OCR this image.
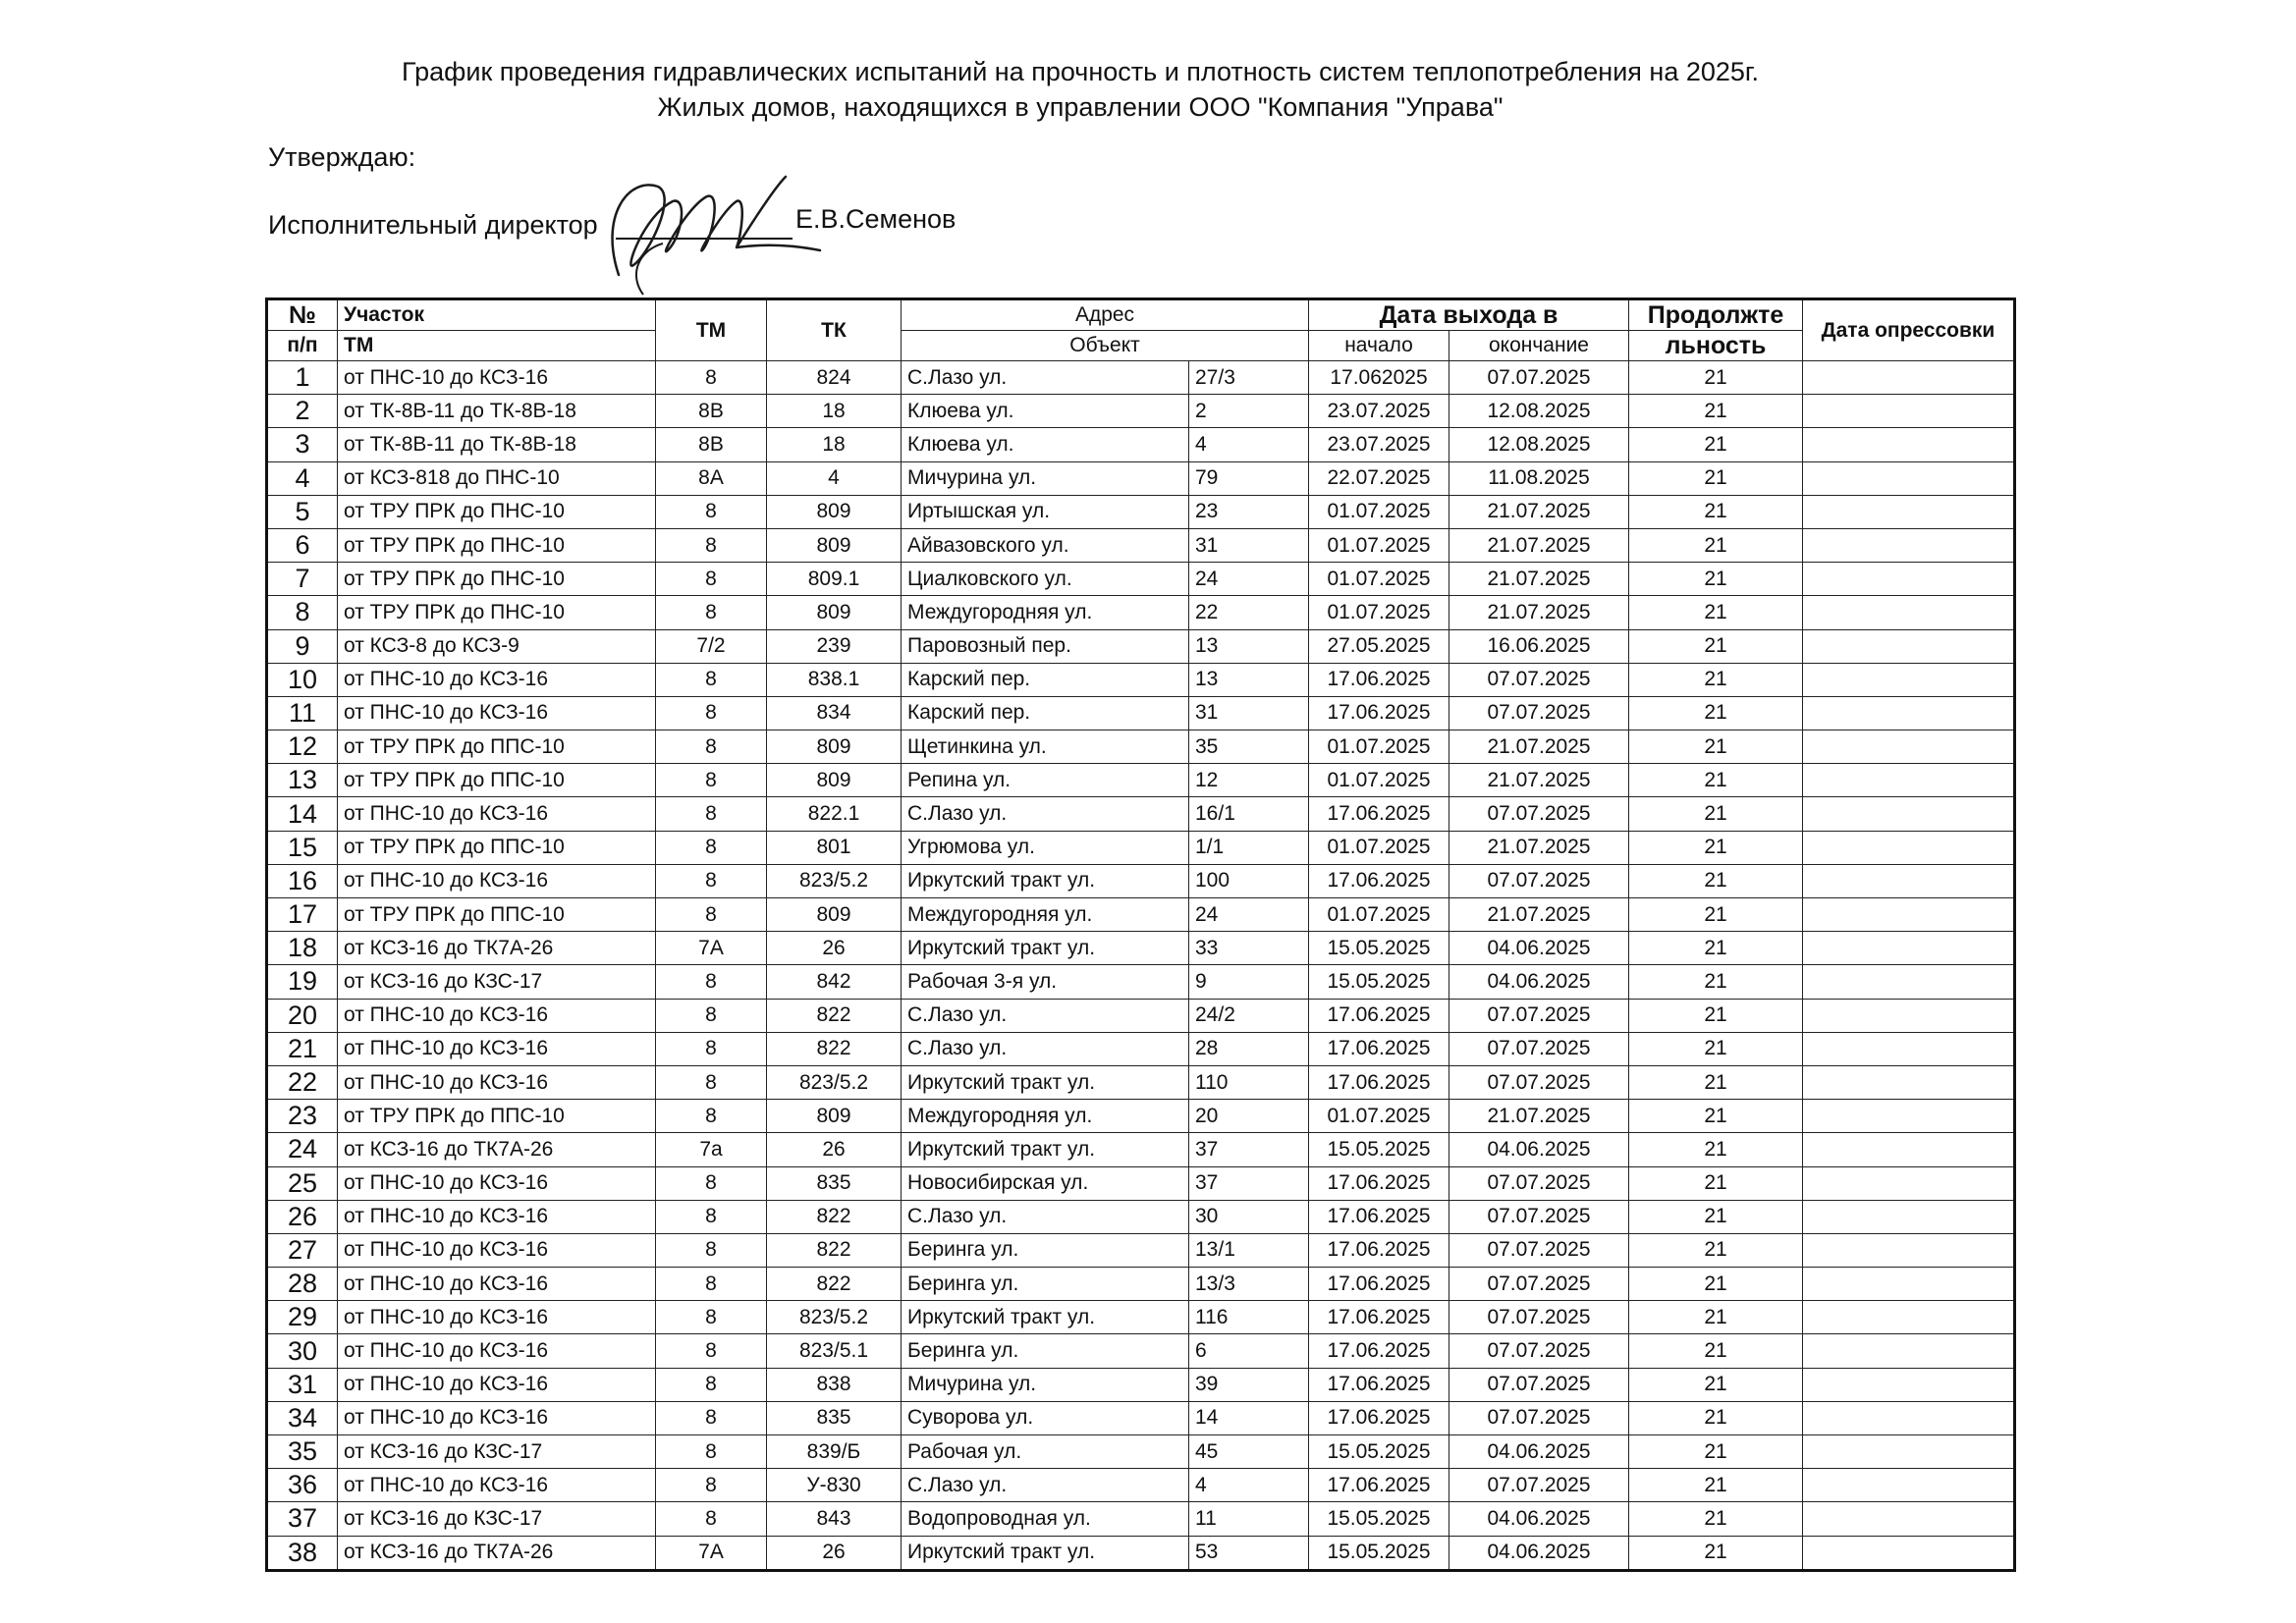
График проведения гидравлических испытаний на прочность и плотность систем теплопотребления на 2025г.
Жилых домов, находящихся в управлении ООО "Компания "Управа"
Утверждаю:
Исполнительный директор	Е.В.Семенов
№	Участок	ТМ	ТК	Адрес		Дата выхода в		Продолжте	Дата опрессовки
п/п	ТМ			Объект		начало	окончание	льность	
1	от ПНС-10 до КСЗ-16	8	824	С.Лазо ул.	27/3	17.062025	07.07.2025	21	
2	от ТК-8В-11 до ТК-8В-18	8В	18	Клюева ул.	2	23.07.2025	12.08.2025	21	
3	от ТК-8В-11 до ТК-8В-18	8В	18	Клюева ул.	4	23.07.2025	12.08.2025	21	
4	от КСЗ-818 до ПНС-10	8А	4	Мичурина ул.	79	22.07.2025	11.08.2025	21	
5	от ТРУ ПРК до ПНС-10	8	809	Иртышская ул.	23	01.07.2025	21.07.2025	21	
6	от ТРУ ПРК до ПНС-10	8	809	Айвазовского ул.	31	01.07.2025	21.07.2025	21	
7	от ТРУ ПРК до ПНС-10	8	809.1	Циалковского ул.	24	01.07.2025	21.07.2025	21	
8	от ТРУ ПРК до ПНС-10	8	809	Междугородняя ул.	22	01.07.2025	21.07.2025	21	
9	от КСЗ-8 до КСЗ-9	7/2	239	Паровозный пер.	13	27.05.2025	16.06.2025	21	
10	от ПНС-10 до КСЗ-16	8	838.1	Карский пер.	13	17.06.2025	07.07.2025	21	
11	от ПНС-10 до КСЗ-16	8	834	Карский пер.	31	17.06.2025	07.07.2025	21	
12	от ТРУ ПРК до ППС-10	8	809	Щетинкина ул.	35	01.07.2025	21.07.2025	21	
13	от ТРУ ПРК до ППС-10	8	809	Репина ул.	12	01.07.2025	21.07.2025	21	
14	от ПНС-10 до КСЗ-16	8	822.1	С.Лазо ул.	16/1	17.06.2025	07.07.2025	21	
15	от ТРУ ПРК до ППС-10	8	801	Угрюмова ул.	1/1	01.07.2025	21.07.2025	21	
16	от ПНС-10 до КСЗ-16	8	823/5.2	Иркутский тракт ул.	100	17.06.2025	07.07.2025	21	
17	от ТРУ ПРК до ППС-10	8	809	Междугородняя ул.	24	01.07.2025	21.07.2025	21	
18	от КСЗ-16 до ТК7А-26	7А	26	Иркутский тракт ул.	33	15.05.2025	04.06.2025	21	
19	от КСЗ-16 до КЗС-17	8	842	Рабочая 3-я ул.	9	15.05.2025	04.06.2025	21	
20	от ПНС-10 до КСЗ-16	8	822	С.Лазо ул.	24/2	17.06.2025	07.07.2025	21	
21	от ПНС-10 до КСЗ-16	8	822	С.Лазо ул.	28	17.06.2025	07.07.2025	21	
22	от ПНС-10 до КСЗ-16	8	823/5.2	Иркутский тракт ул.	110	17.06.2025	07.07.2025	21	
23	от ТРУ ПРК до ППС-10	8	809	Междугородняя ул.	20	01.07.2025	21.07.2025	21	
24	от КСЗ-16 до ТК7А-26	7а	26	Иркутский тракт ул.	37	15.05.2025	04.06.2025	21	
25	от ПНС-10 до КСЗ-16	8	835	Новосибирская ул.	37	17.06.2025	07.07.2025	21	
26	от ПНС-10 до КСЗ-16	8	822	С.Лазо ул.	30	17.06.2025	07.07.2025	21	
27	от ПНС-10 до КСЗ-16	8	822	Беринга ул.	13/1	17.06.2025	07.07.2025	21	
28	от ПНС-10 до КСЗ-16	8	822	Беринга ул.	13/3	17.06.2025	07.07.2025	21	
29	от ПНС-10 до КСЗ-16	8	823/5.2	Иркутский тракт ул.	116	17.06.2025	07.07.2025	21	
30	от ПНС-10 до КСЗ-16	8	823/5.1	Беринга ул.	6	17.06.2025	07.07.2025	21	
31	от ПНС-10 до КСЗ-16	8	838	Мичурина ул.	39	17.06.2025	07.07.2025	21	
34	от ПНС-10 до КСЗ-16	8	835	Суворова ул.	14	17.06.2025	07.07.2025	21	
35	от КСЗ-16 до КЗС-17	8	839/Б	Рабочая ул.	45	15.05.2025	04.06.2025	21	
36	от ПНС-10 до КСЗ-16	8	У-830	С.Лазо ул.	4	17.06.2025	07.07.2025	21	
37	от КСЗ-16 до КЗС-17	8	843	Водопроводная ул.	11	15.05.2025	04.06.2025	21	
38	от КСЗ-16 до ТК7А-26	7А	26	Иркутский тракт ул.	53	15.05.2025	04.06.2025	21	
